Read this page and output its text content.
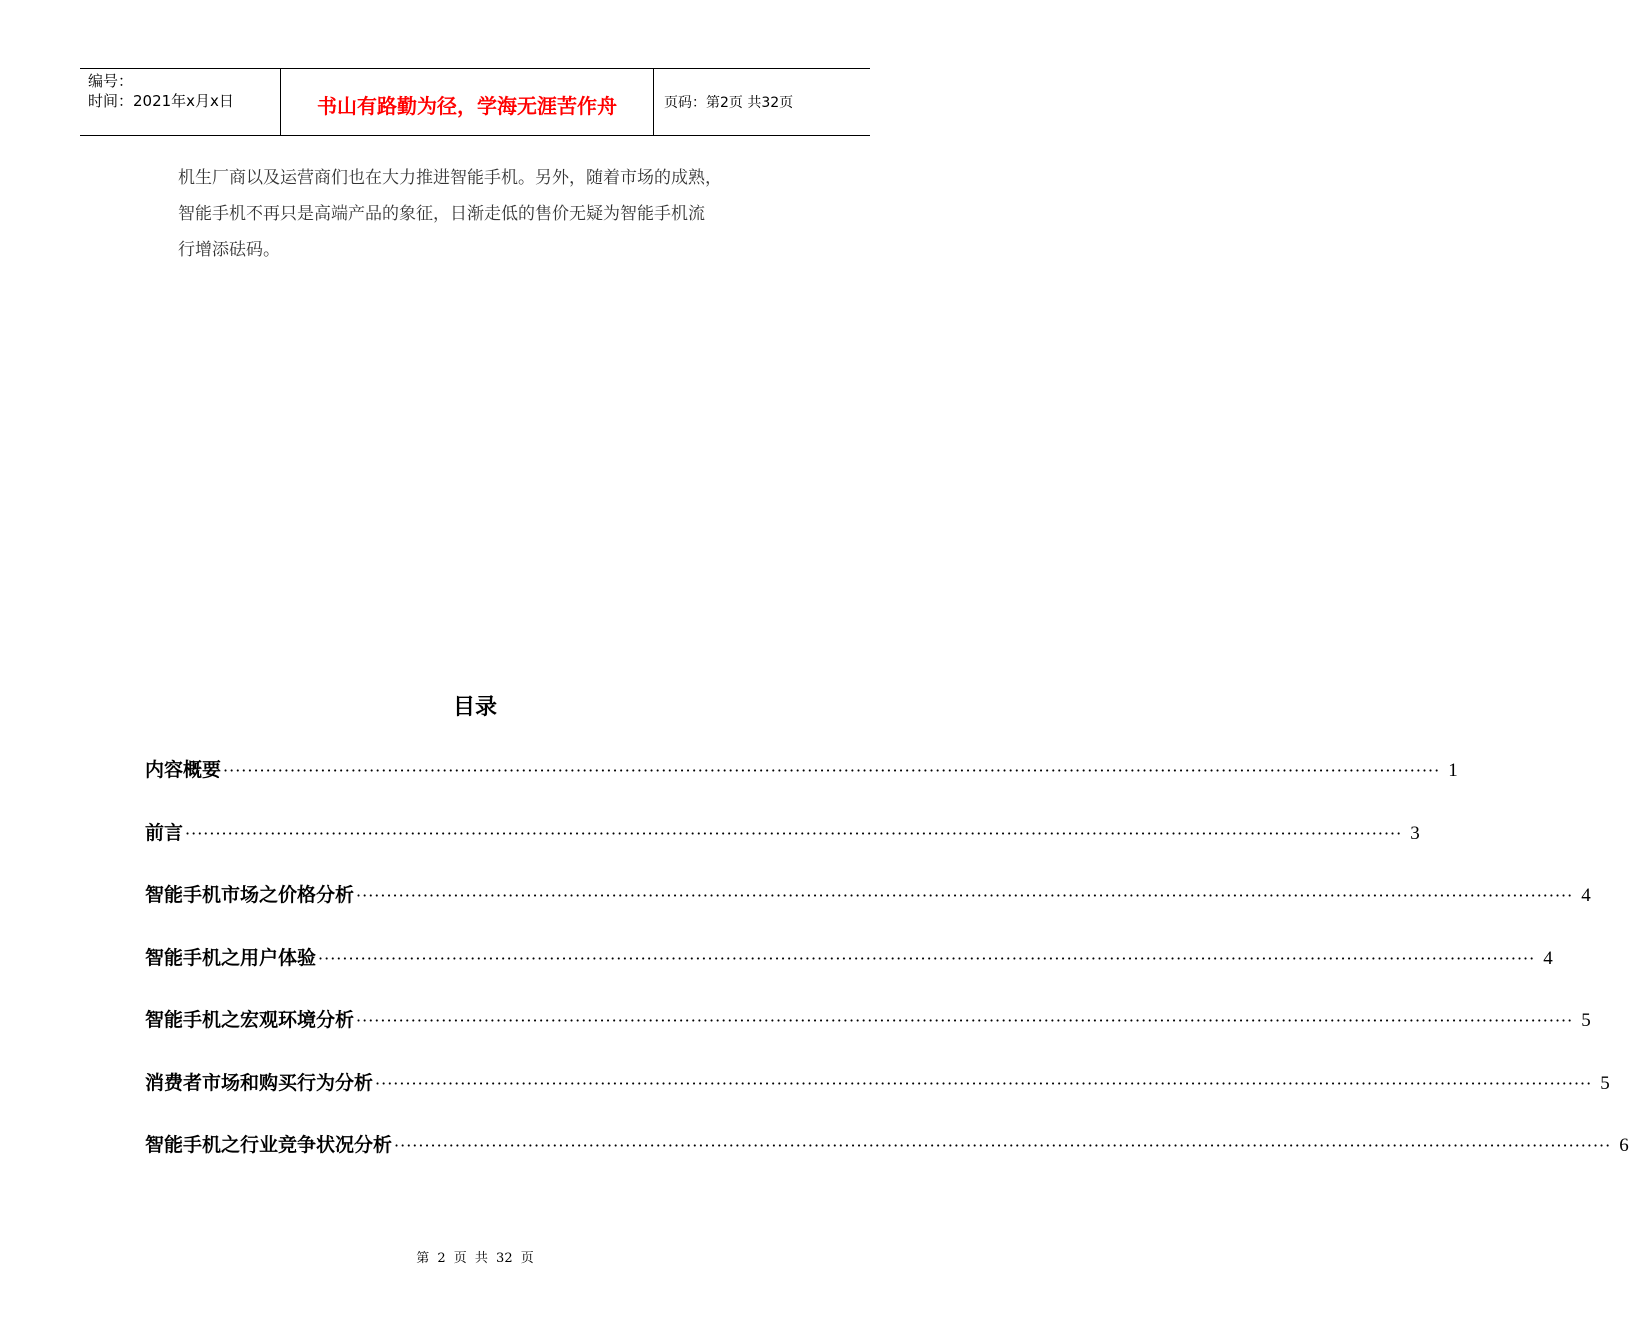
编号：
时间：2021年x月x日	书山有路勤为径，学海无涯苦作舟	页码：第2页 共32页

机生厂商以及运营商们也在大力推进智能手机。另外，随着市场的成熟，

智能手机不再只是高端产品的象征，日渐走低的售价无疑为智能手机流

行增添砝码。

目录
内容概要 ········································································································································································································ 1
前言 ········································································································································································································ 3
智能手机市场之价格分析 ········································································································································································································ 4
智能手机之用户体验 ········································································································································································································ 4
智能手机之宏观环境分析 ········································································································································································································ 5
消费者市场和购买行为分析 ········································································································································································································ 5
智能手机之行业竞争状况分析 ········································································································································································································ 6
第 2 页 共 32 页
